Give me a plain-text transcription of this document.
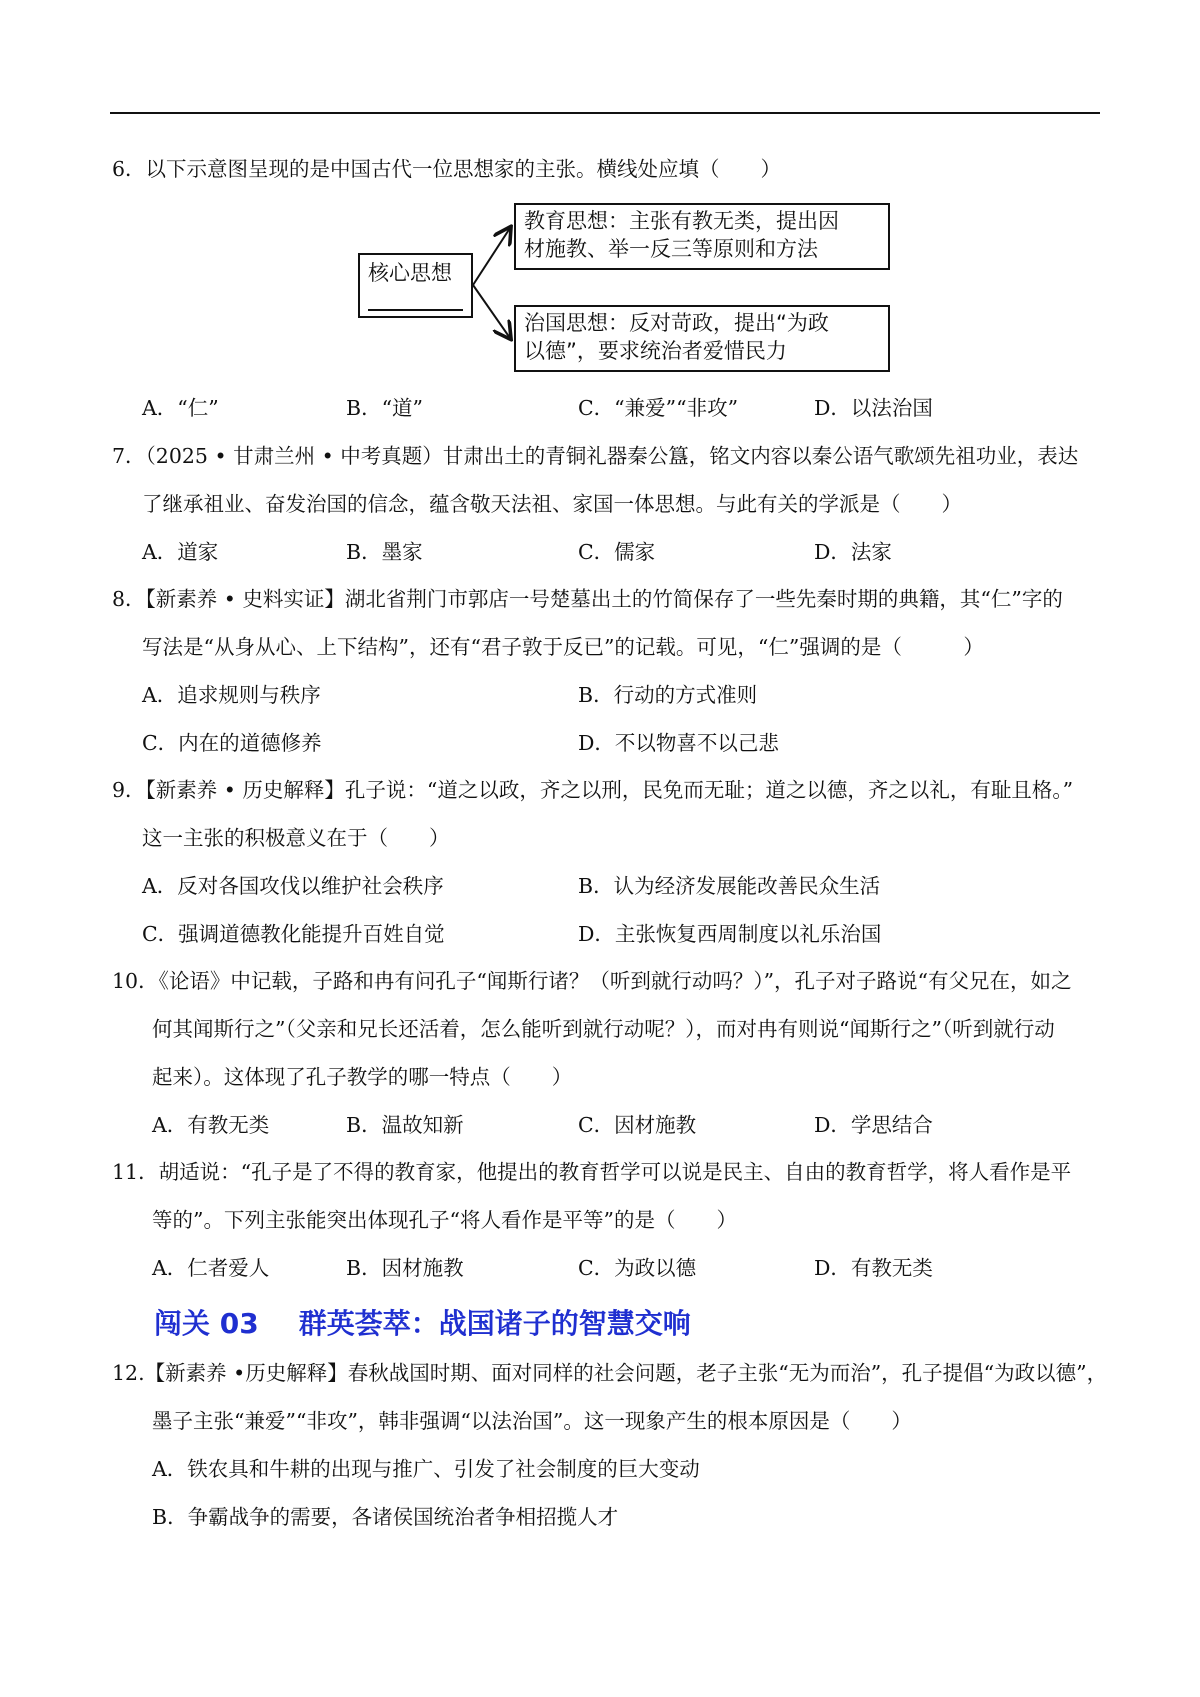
6．以下示意图呈现的是中国古代一位思想家的主张。横线处应填（　　）
核心思想
教育思想：主张有教无类，提出因
材施教、举一反三等原则和方法
治国思想：反对苛政，提出“为政
以德”，要求统治者爱惜民力
A．“仁”	B．“道”	C．“兼爱”“非攻”	D．以法治国
7．（2025 • 甘肃兰州 • 中考真题）甘肃出土的青铜礼器秦公簋，铭文内容以秦公语气歌颂先祖功业，表达
了继承祖业、奋发治国的信念，蕴含敬天法祖、家国一体思想。与此有关的学派是（　　）
A．道家	B．墨家	C．儒家	D．法家
8．【新素养 • 史料实证】湖北省荆门市郭店一号楚墓出土的竹简保存了一些先秦时期的典籍，其“仁”字的
写法是“从身从心、上下结构”，还有“君子敦于反已”的记载。可见，“仁”强调的是（　　　）
A．追求规则与秩序	B．行动的方式准则
C．内在的道德修养	D．不以物喜不以己悲
9．【新素养 • 历史解释】孔子说：“道之以政，齐之以刑，民免而无耻；道之以德，齐之以礼，有耻且格。”
这一主张的积极意义在于（　　）
A．反对各国攻伐以维护社会秩序	B．认为经济发展能改善民众生活
C．强调道德教化能提升百姓自觉	D．主张恢复西周制度以礼乐治国
10．《论语》中记载，子路和冉有问孔子“闻斯行诸？（听到就行动吗？）”，孔子对子路说“有父兄在，如之
何其闻斯行之”（父亲和兄长还活着，怎么能听到就行动呢？），而对冉有则说“闻斯行之”（听到就行动
起来）。这体现了孔子教学的哪一特点（　　）
A．有教无类	B．温故知新	C．因材施教	D．学思结合
11．胡适说：“孔子是了不得的教育家，他提出的教育哲学可以说是民主、自由的教育哲学，将人看作是平
等的”。下列主张能突出体现孔子“将人看作是平等”的是（　　）
A．仁者爱人	B．因材施教	C．为政以德	D．有教无类
闯关 03 群英荟萃：战国诸子的智慧交响
12.【新素养 •历史解释】春秋战国时期、面对同样的社会问题，老子主张“无为而治”，孔子提倡“为政以德”，
墨子主张“兼爱”“非攻”，韩非强调“以法治国”。这一现象产生的根本原因是（　　）
A．铁农具和牛耕的出现与推广、引发了社会制度的巨大变动
B．争霸战争的需要，各诸侯国统治者争相招揽人才
